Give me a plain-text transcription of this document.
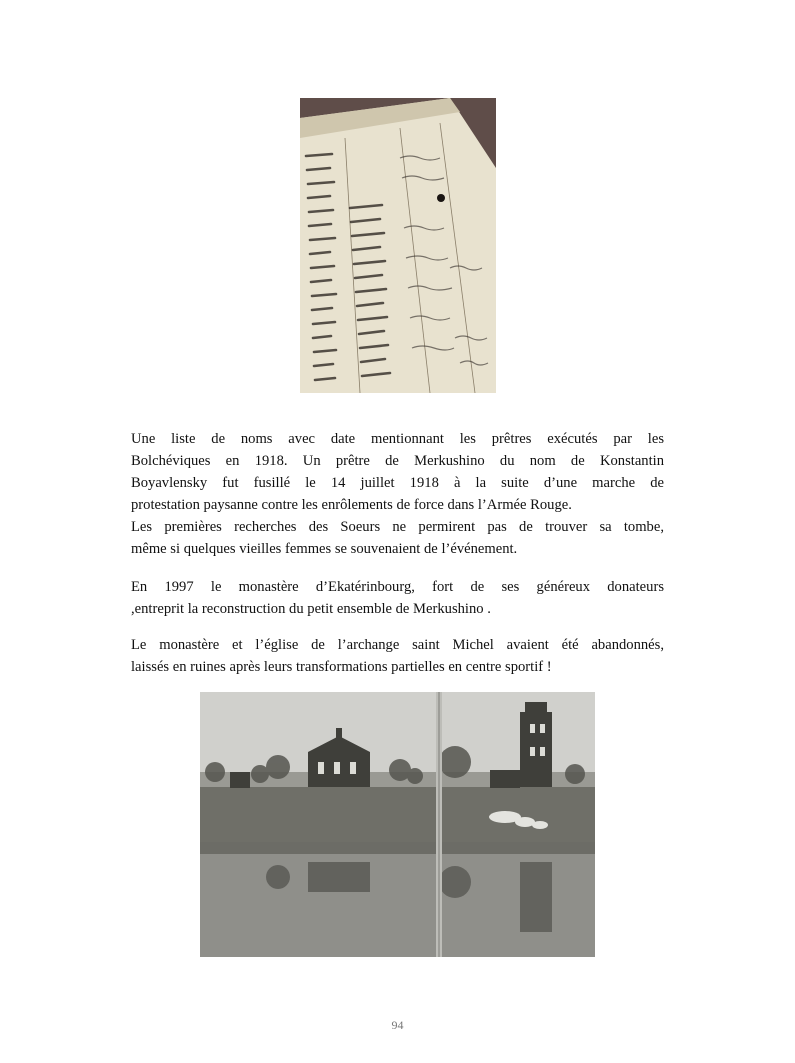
Une liste de noms avec date mentionnant les prêtres exécutés par les
Bolchéviques en 1918. Un prêtre de Merkushino du nom de Konstantin
Boyavlensky fut fusillé le 14 juillet 1918 à la suite d’une marche de
protestation paysanne contre les enrôlements de force dans l’Armée Rouge.
Les premières recherches des Soeurs ne permirent pas de trouver sa tombe,
même si quelques vieilles femmes se souvenaient de l’événement.

En 1997 le monastère d’Ekatérinbourg, fort de ses généreux donateurs
,entreprit la reconstruction du petit ensemble de Merkushino .

Le monastère et l’église de l’archange saint Michel avaient été abandonnés,
laissés en ruines après leurs transformations partielles en centre sportif !

94
